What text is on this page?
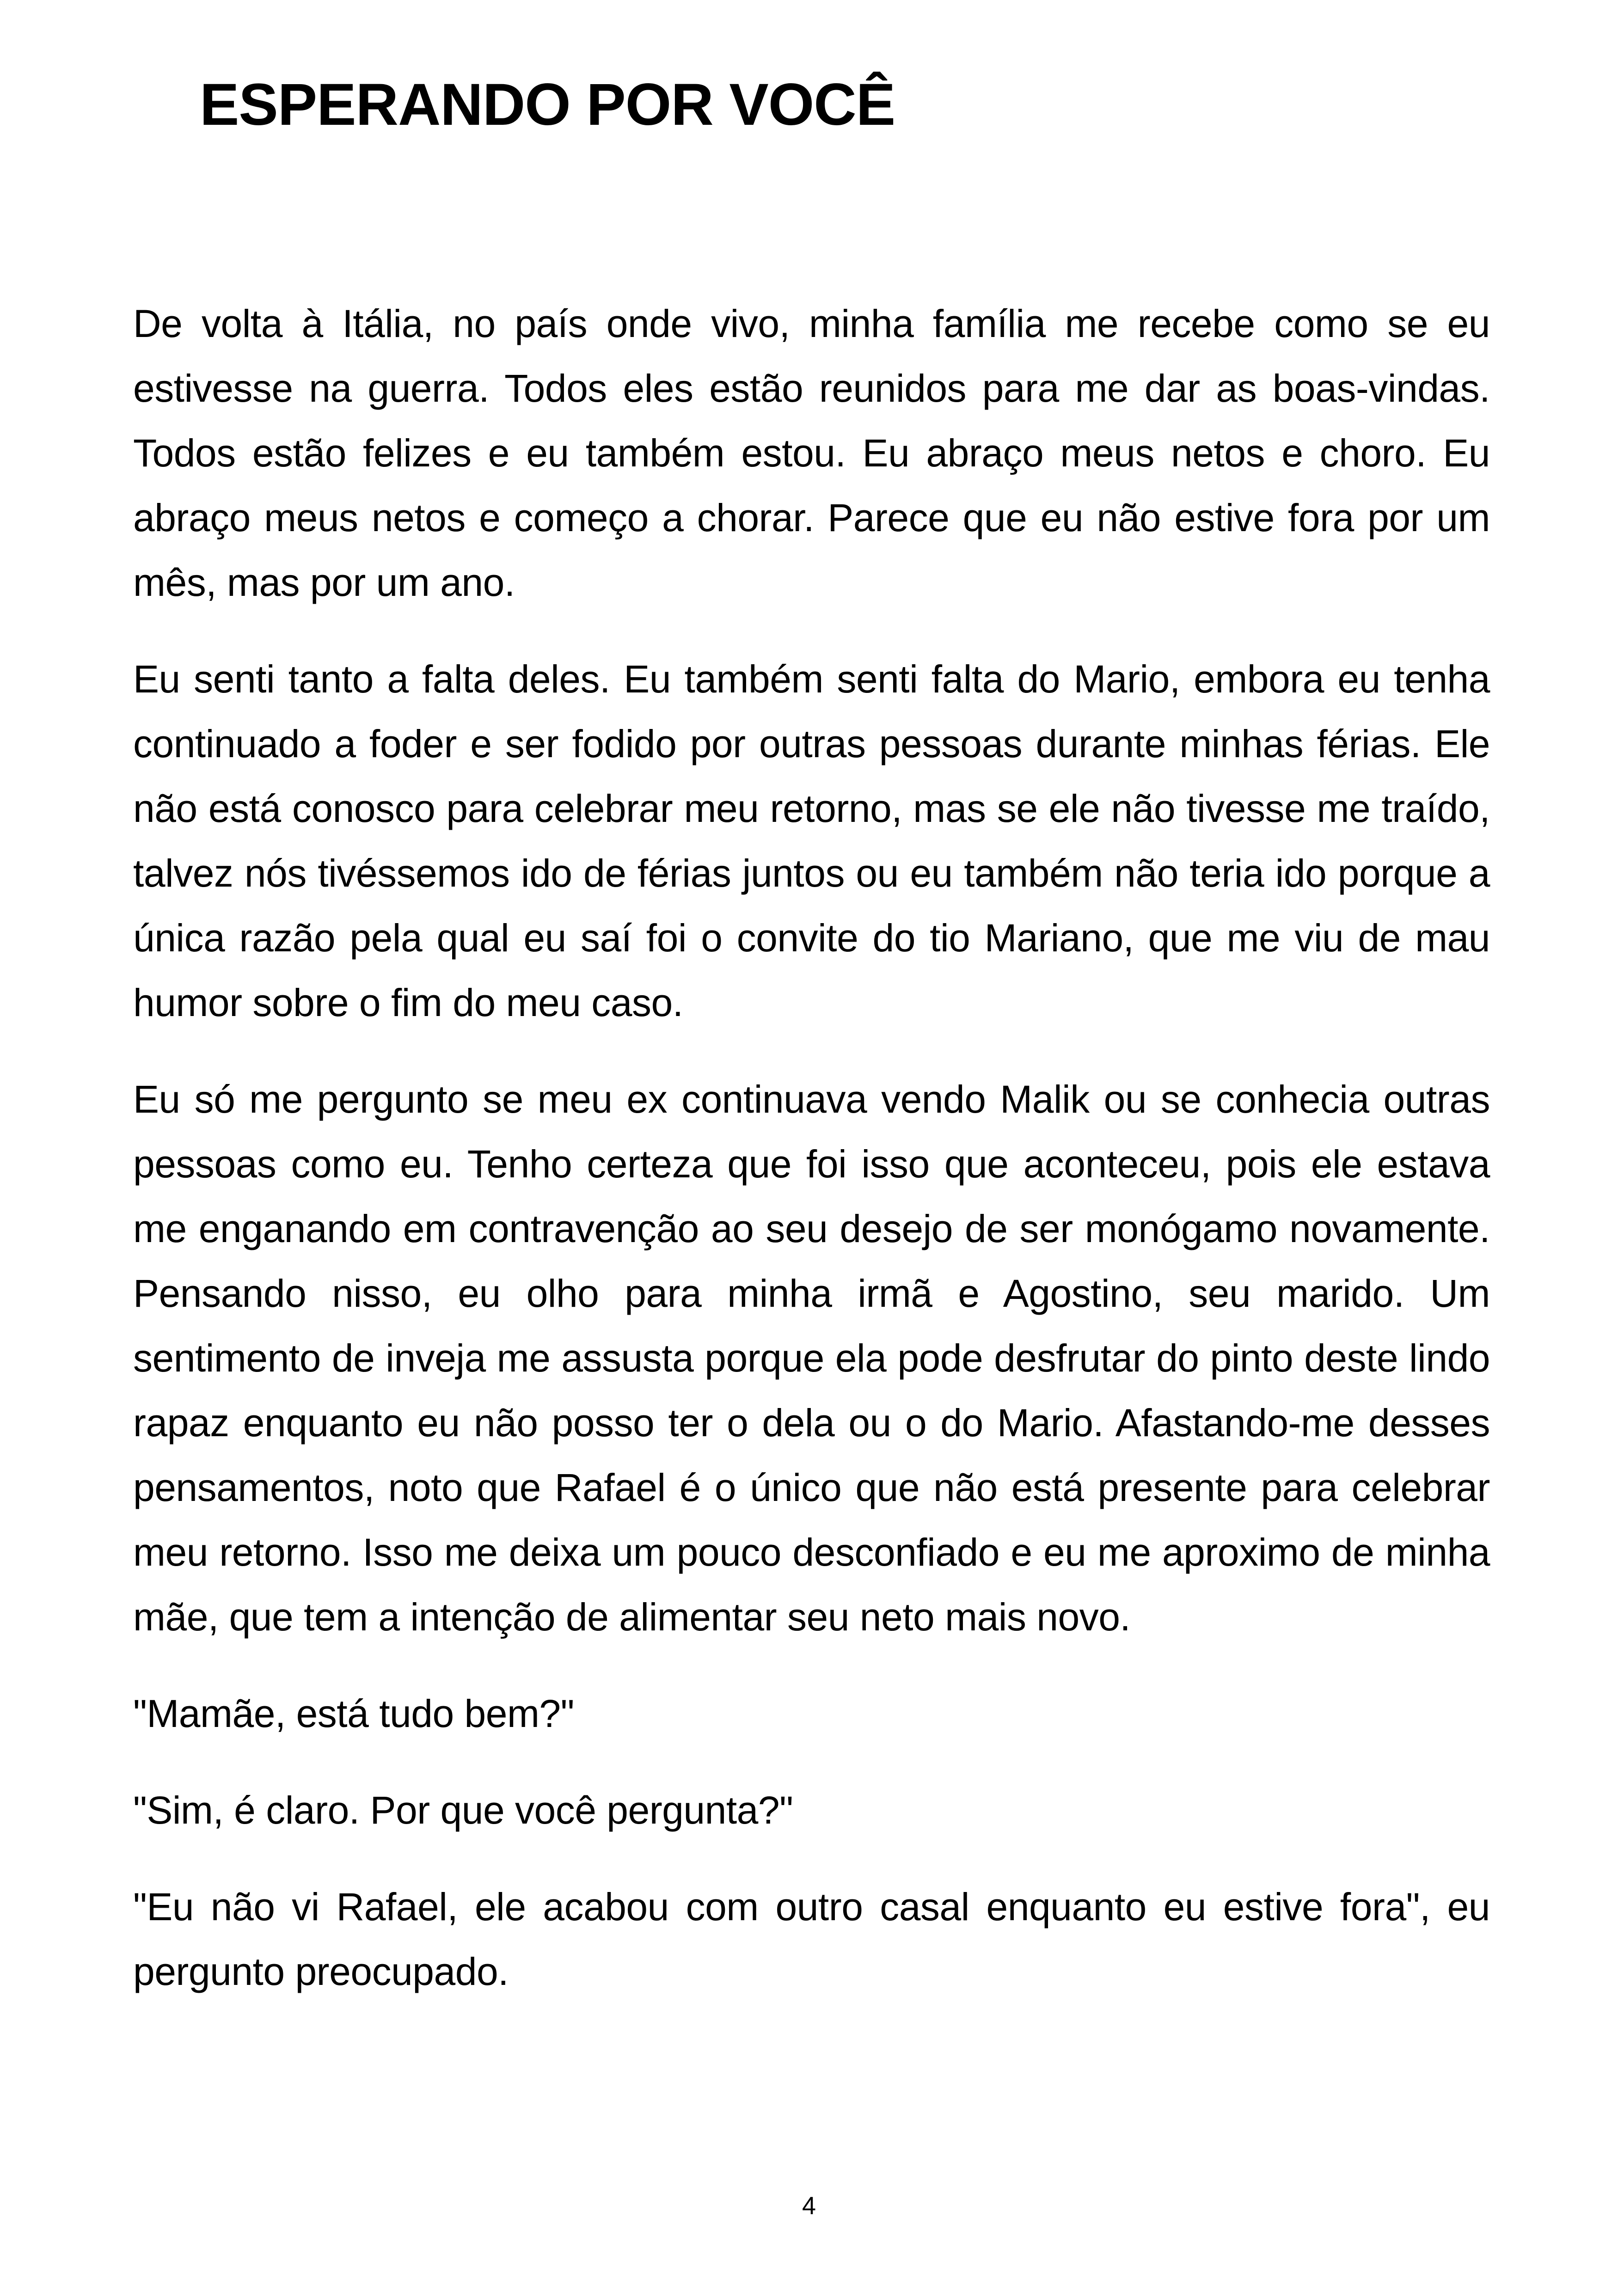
ESPERANDO POR VOCÊ

De volta à Itália, no país onde vivo, minha família me recebe como se eu estivesse na guerra. Todos eles estão reunidos para me dar as boas-vindas. Todos estão felizes e eu também estou. Eu abraço meus netos e choro. Eu abraço meus netos e começo a chorar. Parece que eu não estive fora por um mês, mas por um ano.

Eu senti tanto a falta deles. Eu também senti falta do Mario, embora eu tenha continuado a foder e ser fodido por outras pessoas durante minhas férias. Ele não está conosco para celebrar meu retorno, mas se ele não tivesse me traído, talvez nós tivéssemos ido de férias juntos ou eu também não teria ido porque a única razão pela qual eu saí foi o convite do tio Mariano, que me viu de mau humor sobre o fim do meu caso.

Eu só me pergunto se meu ex continuava vendo Malik ou se conhecia outras pessoas como eu. Tenho certeza que foi isso que aconteceu, pois ele estava me enganando em contravenção ao seu desejo de ser monógamo novamente. Pensando nisso, eu olho para minha irmã e Agostino, seu marido. Um sentimento de inveja me assusta porque ela pode desfrutar do pinto deste lindo rapaz enquanto eu não posso ter o dela ou o do Mario. Afastando-me desses pensamentos, noto que Rafael é o único que não está presente para celebrar meu retorno. Isso me deixa um pouco desconfiado e eu me aproximo de minha mãe, que tem a intenção de alimentar seu neto mais novo.

"Mamãe, está tudo bem?"

"Sim, é claro. Por que você pergunta?"

"Eu não vi Rafael, ele acabou com outro casal enquanto eu estive fora", eu pergunto preocupado.

4
